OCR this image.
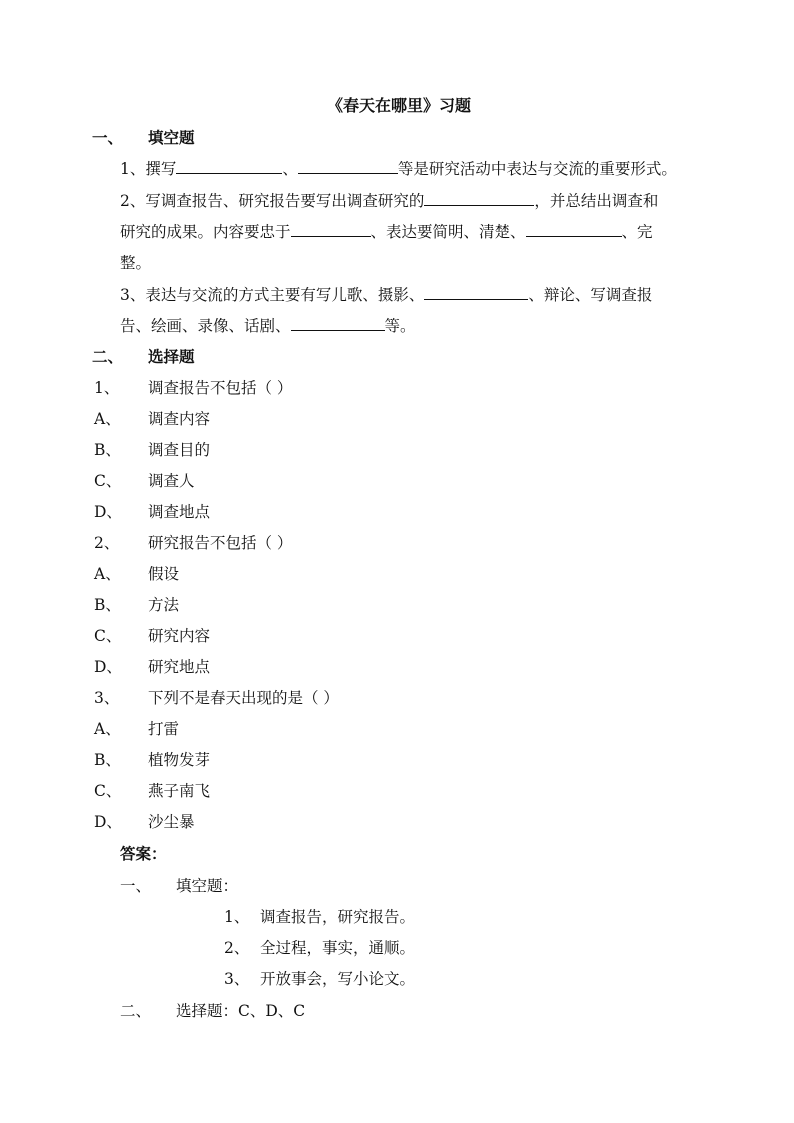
《春天在哪里》习题
一、 填空题
1、撰写	、	等是研究活动中表达与交流的重要形式。
2、写调查报告、研究报告要写出调查研究的	，并总结出调查和
研究的成果。内容要忠于	、表达要简明、清楚、	、完
整。
3、表达与交流的方式主要有写儿歌、摄影、	、辩论、写调查报
告、绘画、录像、话剧、	等。
二、 选择题
1、 调查报告不包括（ ）
A、 调查内容
B、 调查目的
C、 调查人
D、 调查地点
2、 研究报告不包括（ ）
A、 假设
B、 方法
C、 研究内容
D、 研究地点
3、 下列不是春天出现的是（ ）
A、 打雷
B、 植物发芽
C、 燕子南飞
D、 沙尘暴
答案：
一、 填空题：
1、 调查报告，研究报告。
2、 全过程，事实，通顺。
3、 开放事会，写小论文。
二、 选择题：C、D、C
